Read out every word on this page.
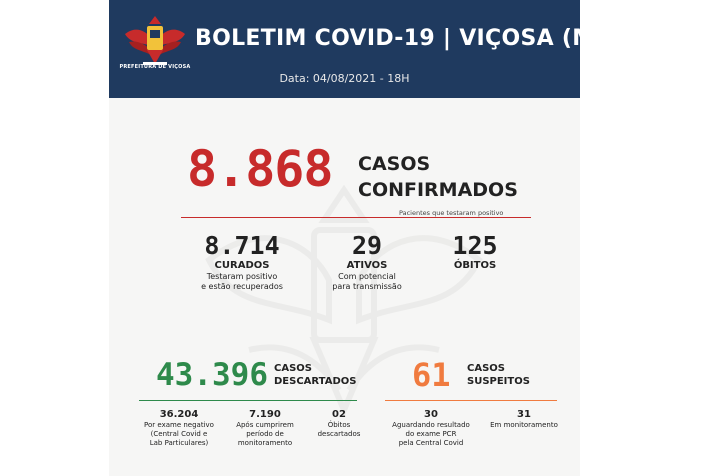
PREFEITURA DE VIÇOSA
BOLETIM COVID-19 | VIÇOSA (MG)
Data: 04/08/2021 - 18H
8.868 CASOS
CONFIRMADOS
Pacientes que testaram positivo
8.714
CURADOS
Testaram positivo
e estão recuperados
29
ATIVOS
Com potencial
para transmissão
125
ÓBITOS
43.396 CASOS
DESCARTADOS
36.204
Por exame negativo
(Central Covid e
Lab Particulares)
7.190
Após cumprirem
período de
monitoramento
02
Óbitos
descartados
61 CASOS
SUSPEITOS
30
Aguardando resultado
do exame PCR
pela Central Covid
31
Em monitoramento
